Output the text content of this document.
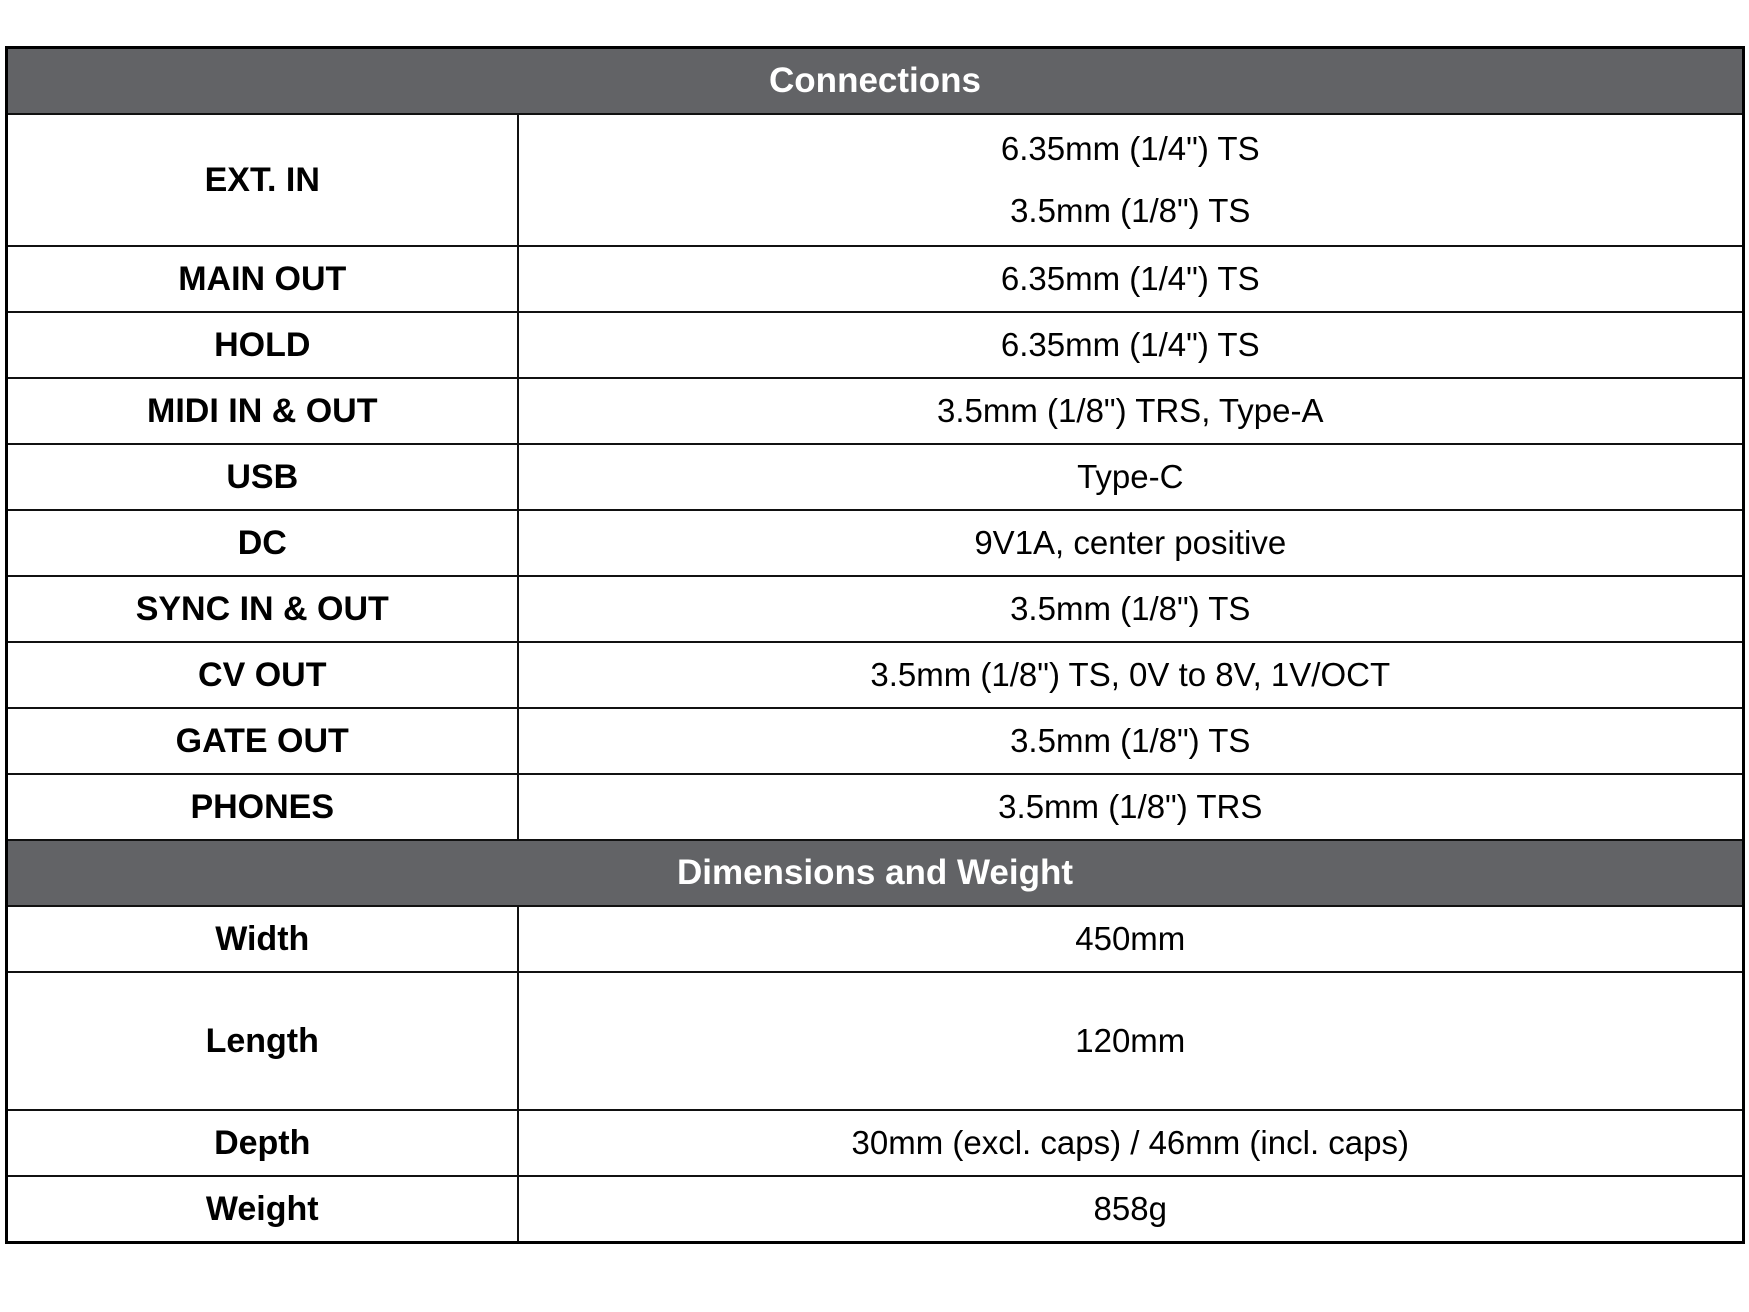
Connections	
EXT. IN	6.35mm (1/4") TS
3.5mm (1/8") TS

MAIN OUT	6.35mm (1/4") TS
HOLD	6.35mm (1/4") TS
MIDI IN & OUT	3.5mm (1/8") TRS, Type-A
USB	Type-C
DC	9V1A, center positive
SYNC IN & OUT	3.5mm (1/8") TS
CV OUT	3.5mm (1/8") TS, 0V to 8V, 1V/OCT
GATE OUT	3.5mm (1/8") TS
PHONES	3.5mm (1/8") TRS
Dimensions and Weight	
Width	450mm

Length	120mm

Depth	30mm (excl. caps) / 46mm (incl. caps)
Weight	858g
